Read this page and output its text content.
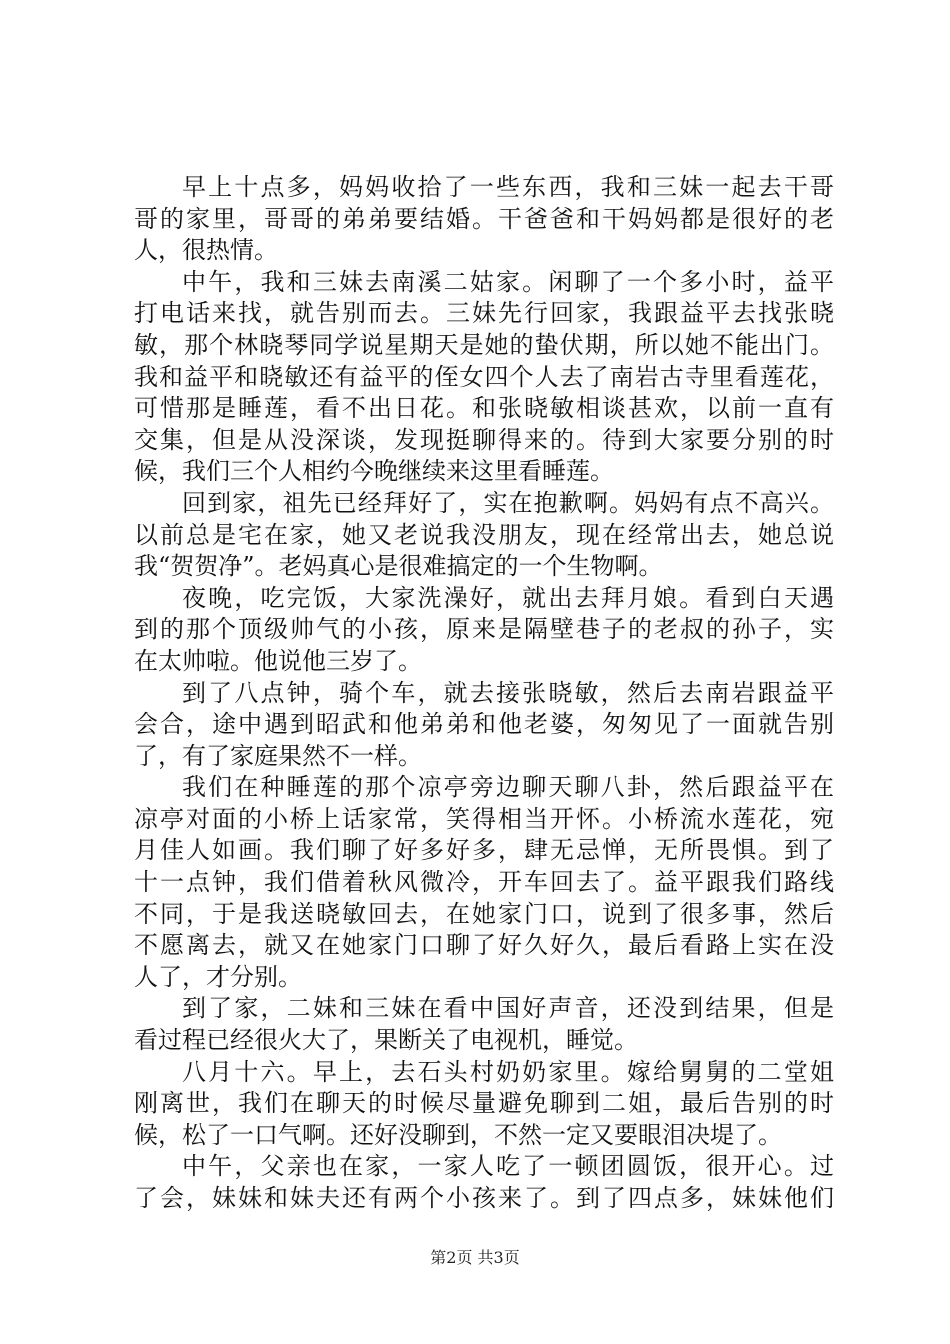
早上十点多，妈妈收拾了一些东西，我和三妹一起去干哥
哥的家里，哥哥的弟弟要结婚。干爸爸和干妈妈都是很好的老
人，很热情。
中午，我和三妹去南溪二姑家。闲聊了一个多小时，益平
打电话来找，就告别而去。三妹先行回家，我跟益平去找张晓
敏，那个林晓琴同学说星期天是她的蛰伏期，所以她不能出门。
我和益平和晓敏还有益平的侄女四个人去了南岩古寺里看莲花，
可惜那是睡莲，看不出日花。和张晓敏相谈甚欢，以前一直有
交集，但是从没深谈，发现挺聊得来的。待到大家要分别的时
候，我们三个人相约今晚继续来这里看睡莲。
回到家，祖先已经拜好了，实在抱歉啊。妈妈有点不高兴。
以前总是宅在家，她又老说我没朋友，现在经常出去，她总说
我“贺贺净”。老妈真心是很难搞定的一个生物啊。
夜晚，吃完饭，大家洗澡好，就出去拜月娘。看到白天遇
到的那个顶级帅气的小孩，原来是隔壁巷子的老叔的孙子，实
在太帅啦。他说他三岁了。
到了八点钟，骑个车，就去接张晓敏，然后去南岩跟益平
会合，途中遇到昭武和他弟弟和他老婆，匆匆见了一面就告别
了，有了家庭果然不一样。
我们在种睡莲的那个凉亭旁边聊天聊八卦，然后跟益平在
凉亭对面的小桥上话家常，笑得相当开怀。小桥流水莲花，宛
月佳人如画。我们聊了好多好多，肆无忌惮，无所畏惧。到了
十一点钟，我们借着秋风微冷，开车回去了。益平跟我们路线
不同，于是我送晓敏回去，在她家门口，说到了很多事，然后
不愿离去，就又在她家门口聊了好久好久，最后看路上实在没
人了，才分别。
到了家，二妹和三妹在看中国好声音，还没到结果，但是
看过程已经很火大了，果断关了电视机，睡觉。
八月十六。早上，去石头村奶奶家里。嫁给舅舅的二堂姐
刚离世，我们在聊天的时候尽量避免聊到二姐，最后告别的时
候，松了一口气啊。还好没聊到，不然一定又要眼泪决堤了。
中午，父亲也在家，一家人吃了一顿团圆饭，很开心。过
了会，妹妹和妹夫还有两个小孩来了。到了四点多，妹妹他们
第2页 共3页
